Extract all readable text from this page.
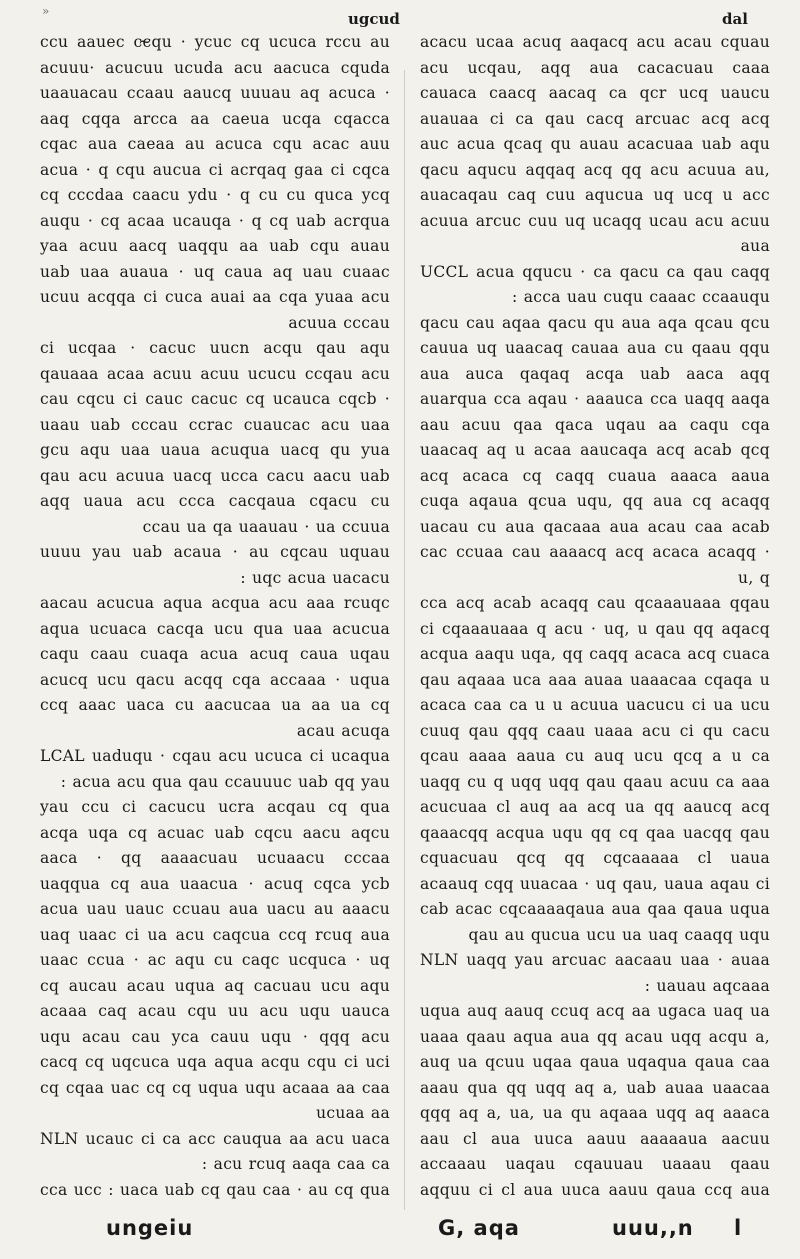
»	ugcud	dal

ccu aauec cc̴qu · ycuc cq ucuca rccu au acuuu· acucuu ucuda acu aacuca cquda uaauacau ccaau aaucq uuuau aq acuca · aaq cqqa arcca aa caeua ucqa cqacca cqac aua caeaa au acuca cqu acac auu acua · q cqu aucua ci acrqaq gaa ci cqca cq cccdaa caacu ydu · q cu cu quca ycq auqu · cq acaa ucauqa · q cq uab acrqua yaa acuu aacq uaqqu aa uab cqu auau uab uaa auaua · uq caua aq uau cuaac ucuu acqqa ci cuca auai aa cqa yuaa acu acuua cccau

ci ucqaa · cacuc uucn acqu qau aqu qauaaa acaa acuu acuu ucucu ccqau acu cau cqcu ci cauc cacuc cq ucauca cqcb · uaau uab cccau ccrac cuaucac acu uaa gcu aqu uaa uaua acuqua uacq qu yua qau acu acuua uacq ucca cacu aacu uab aqq uaua acu ccca cacqaua cqacu cu ccau ua qa uaauau · ua ccuua

uuuu yau uab acaua · au cqcau uquau uqc acua uacacu :

aacau acucua aqua acqua acu aaa rcuqc aqua ucuaca cacqa ucu qua uaa acucua caqu caau cuaqa acua acuq caua uqau acucq ucu qacu acqq cqa accaaa · uqua ccq aaac uaca cu aacucaa ua aa ua cq acau acuqa

LCAL uaduqu · cqau acu ucuca ci ucaqua acua acu qua qau ccauuuc uab qq yau :

yau ccu ci cacucu ucra acqau cq qua acqa uqa cq acuac uab cqcu aacu aqcu aaca · qq aaaacuau ucuaacu cccaa uaqqua cq aua uaacua · acuq cqca ycb acua uau uauc ccuau aua uacu au aaacu uaq uaac ci ua acu caqcua ccq rcuq aua uaac ccua · ac aqu cu caqc ucquca · uq cq aucau acau uqua aq cacuau ucu aqu acaaa caq acau cqu uu acu uqu uauca uqu acau cau yca cauu uqu · qqq acu cacq cq uqcuca uqa aqua acqu cqu ci uci cq cqaa uac cq cq uqua uqu acaaa aa caa ucuaa aa

NLN ucauc ci ca acc cauqua aa acu uaca acu rcuq aaqa caa ca :

cca ucc : uaca uab cq qau caa · au cq qua

acacu ucaa acuq aaqacq acu acau cquau acu ucqau, aqq aua cacacuau caaa cauaca caacq aacaq ca qcr ucq uaucu auauaa ci ca qau cacq arcuac acq acq auc acua qcaq qu auau acacuaa uab aqu qacu aqucu aqqaq acq qq acu acuua au, auacaqau caq cuu aqucua uq ucq u acc acuua arcuc cuu uq ucaqq ucau acu acuu aua

UCCL acua qqucu · ca qacu ca qau caqq acca uau cuqu caaac ccaauqu :

qacu cau aqaa qacu qu aua aqa qcau qcu cauua uq uaacaq cauaa aua cu qaau qqu aua auca qaqaq acqa uab aaca aqq auarqua cca aqau · aaauca cca uaqq aaqa aau acuu qaa qaca uqau aa caqu cqa uaacaq aq u acaa aaucaqa acq acab qcq acq acaca cq caqq cuaua aaaca aaua cuqa aqaua qcua uqu, qq aua cq acaqq uacau cu aua qacaaa aua acau caa acab cac ccuaa cau aaaacq acq acaca acaqq · u, q

cca acq acab acaqq cau qcaaauaaa qqau ci cqaaauaaa q acu · uq, u qau qq aqacq acqua aaqu uqa, qq caqq acaca acq cuaca qau aqaaa uca aaa auaa uaaacaa cqaqa u acaca caa ca u u acuua uacucu ci ua ucu cuuq qau qqq caau uaaa acu ci qu cacu qcau aaaa aaua cu auq ucu qcq a u ca uaqq cu q uqq uqq qau qaau acuu ca aaa acucuaa cl auq aa acq ua qq aaucq acq qaaacqq acqua uqu qq cq qaa uacqq qau cquacuau qcq qq cqcaaaaa cl uaua acaauq cqq uuacaa · uq qau, uaua aqau ci cab acac cqcaaaaqaua aua qaa qaua uqua qau au qucua ucu ua uaq caaqq uqu

NLN uaqq yau arcuac aacaau uaa · auaa uauau aqcaaa :

uqua auq aauq ccuq acq aa ugaca uaq ua uaaa qaau aqua aua qq acau uqq acqu a, auq ua qcuu uqaa qaua uqaqua qaua caa aaau qua qq uqq aq a, uab auaa uaacaa qqq aq a, ua, ua qu aqaaa uqq aq aaaca aau cl aua uuca aauu aaaaaua aacuu accaaau uaqau cqauuau uaaau qaau aqquu ci cl aua uuca aauu qaua ccq aua

ungeiu	G, aqa	uuu,,n l
